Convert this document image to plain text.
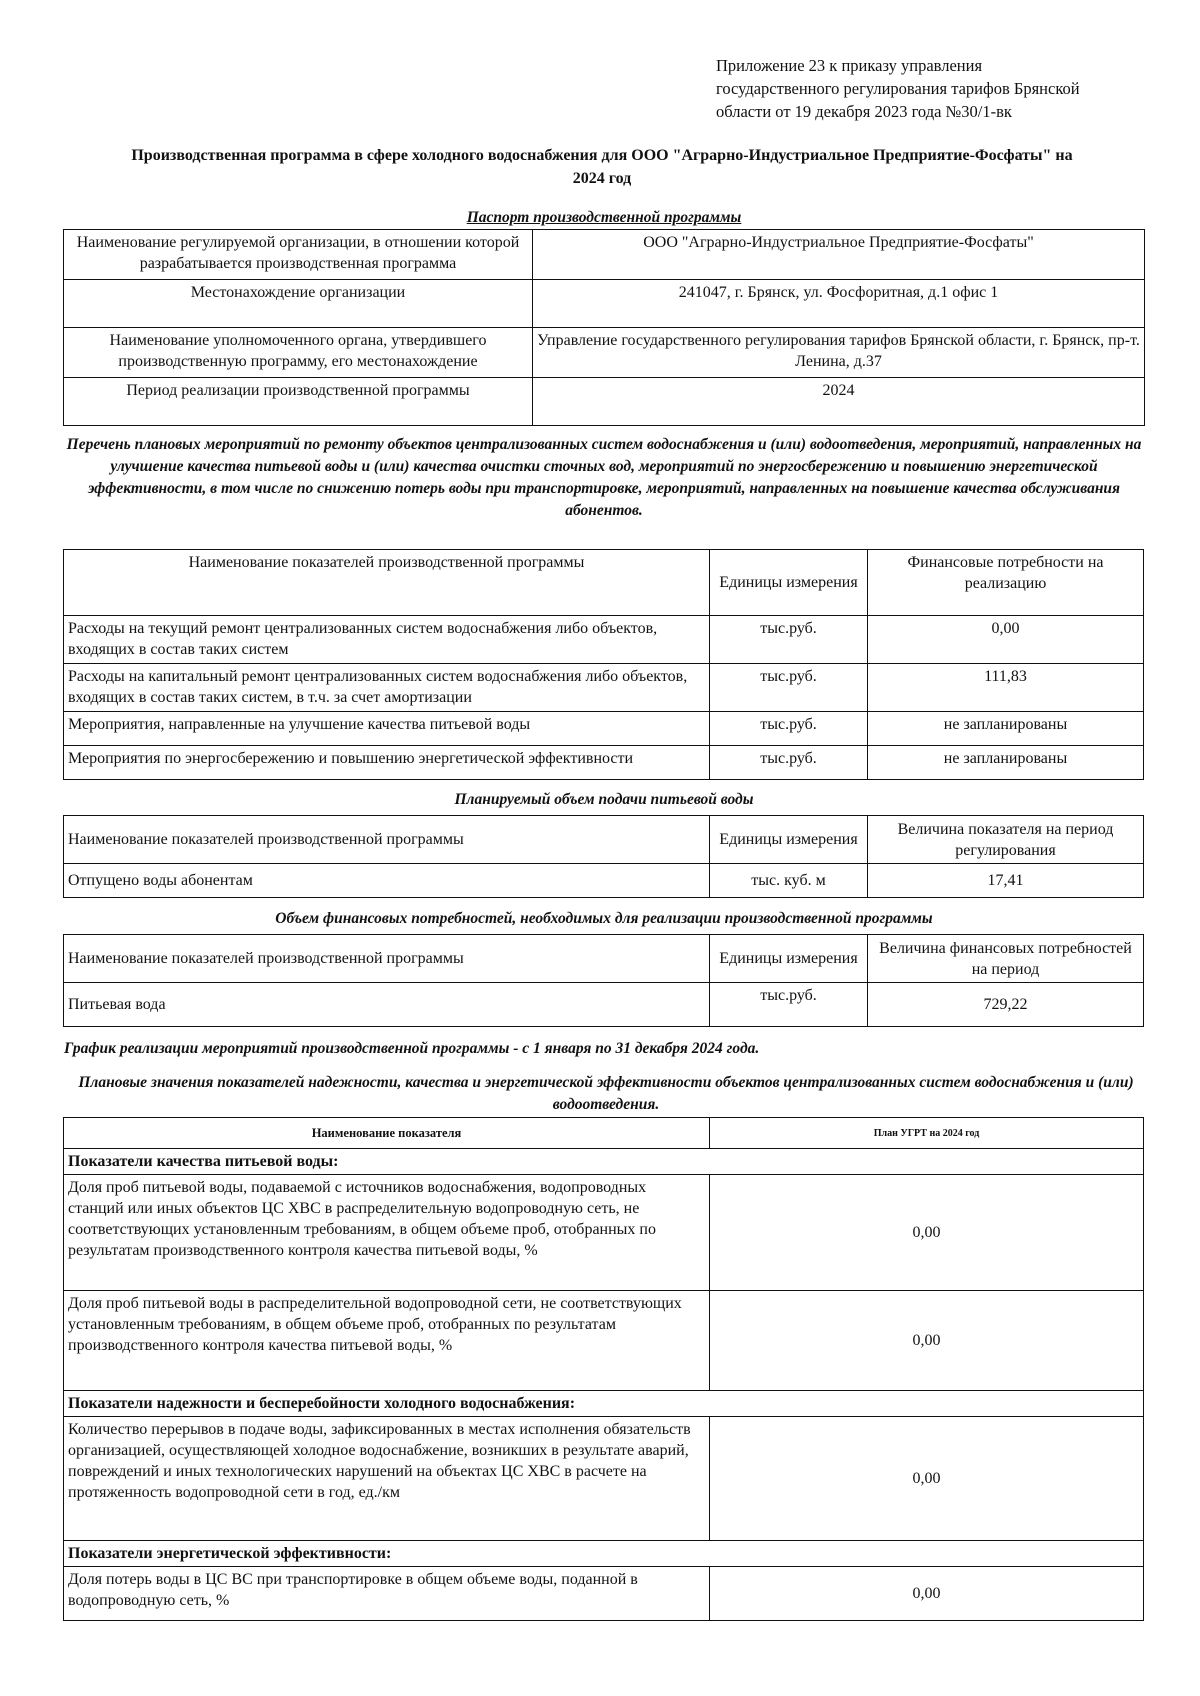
Приложение 23 к приказу управления
государственного регулирования тарифов Брянской
области от 19 декабря 2023 года №30/1-вк
Производственная программа в сфере холодного водоснабжения для ООО "Аграрно-Индустриальное Предприятие-Фосфаты" на
2024 год
Паспорт производственной программы
Наименование регулируемой организации, в отношении которой разрабатывается производственная программа	ООО "Аграрно-Индустриальное Предприятие-Фосфаты"
Местонахождение организации	241047, г. Брянск, ул. Фосфоритная, д.1 офис 1
Наименование уполномоченного органа, утвердившего производственную программу, его местонахождение	Управление государственного регулирования тарифов Брянской области, г. Брянск, пр-т. Ленина, д.37
Период реализации производственной программы	2024
Перечень плановых мероприятий по ремонту объектов централизованных систем водоснабжения и (или) водоотведения, мероприятий, направленных на улучшение качества питьевой воды и (или) качества очистки сточных вод, мероприятий по энергосбережению и повышению энергетической эффективности, в том числе по снижению потерь воды при транспортировке, мероприятий, направленных на повышение качества обслуживания абонентов.
Наименование показателей производственной программы	Единицы измерения	Финансовые потребности на реализацию
Расходы на текущий ремонт централизованных систем водоснабжения либо объектов, входящих в состав таких систем	тыс.руб.	0,00
Расходы на капитальный ремонт централизованных систем водоснабжения либо объектов, входящих в состав таких систем, в т.ч. за счет амортизации	тыс.руб.	111,83
Мероприятия, направленные на улучшение качества питьевой воды	тыс.руб.	не запланированы
Мероприятия по энергосбережению и повышению энергетической эффективности	тыс.руб.	не запланированы
Планируемый объем подачи питьевой воды
Наименование показателей производственной программы	Единицы измерения	Величина показателя на период регулирования
Отпущено воды абонентам	тыс. куб. м	17,41
Объем финансовых потребностей, необходимых для реализации производственной программы
Наименование показателей производственной программы	Единицы измерения	Величина финансовых потребностей на период
Питьевая вода	тыс.руб.	729,22
График реализации мероприятий производственной программы - с 1 января по 31 декабря 2024 года.
Плановые значения показателей надежности, качества и энергетической эффективности объектов централизованных систем водоснабжения и (или) водоотведения.
Наименование показателя	План УГРТ на 2024 год
Показатели качества питьевой воды:	
Доля проб питьевой воды, подаваемой с источников водоснабжения, водопроводных станций или иных объектов ЦС ХВС в распределительную водопроводную сеть, не соответствующих установленным требованиям, в общем объеме проб, отобранных по результатам производственного контроля качества питьевой воды, %	0,00
Доля проб питьевой воды в распределительной водопроводной сети, не соответствующих установленным требованиям, в общем объеме проб, отобранных по результатам производственного контроля качества питьевой воды, %	0,00
Показатели надежности и бесперебойности холодного водоснабжения:	
Количество перерывов в подаче воды, зафиксированных в местах исполнения обязательств организацией, осуществляющей холодное водоснабжение, возникших в результате аварий, повреждений и иных технологических нарушений на объектах ЦС ХВС в расчете на протяженность водопроводной сети в год, ед./км	0,00
Показатели энергетической эффективности:	
Доля потерь воды в ЦС ВС при транспортировке в общем объеме воды, поданной в водопроводную сеть, %	0,00
